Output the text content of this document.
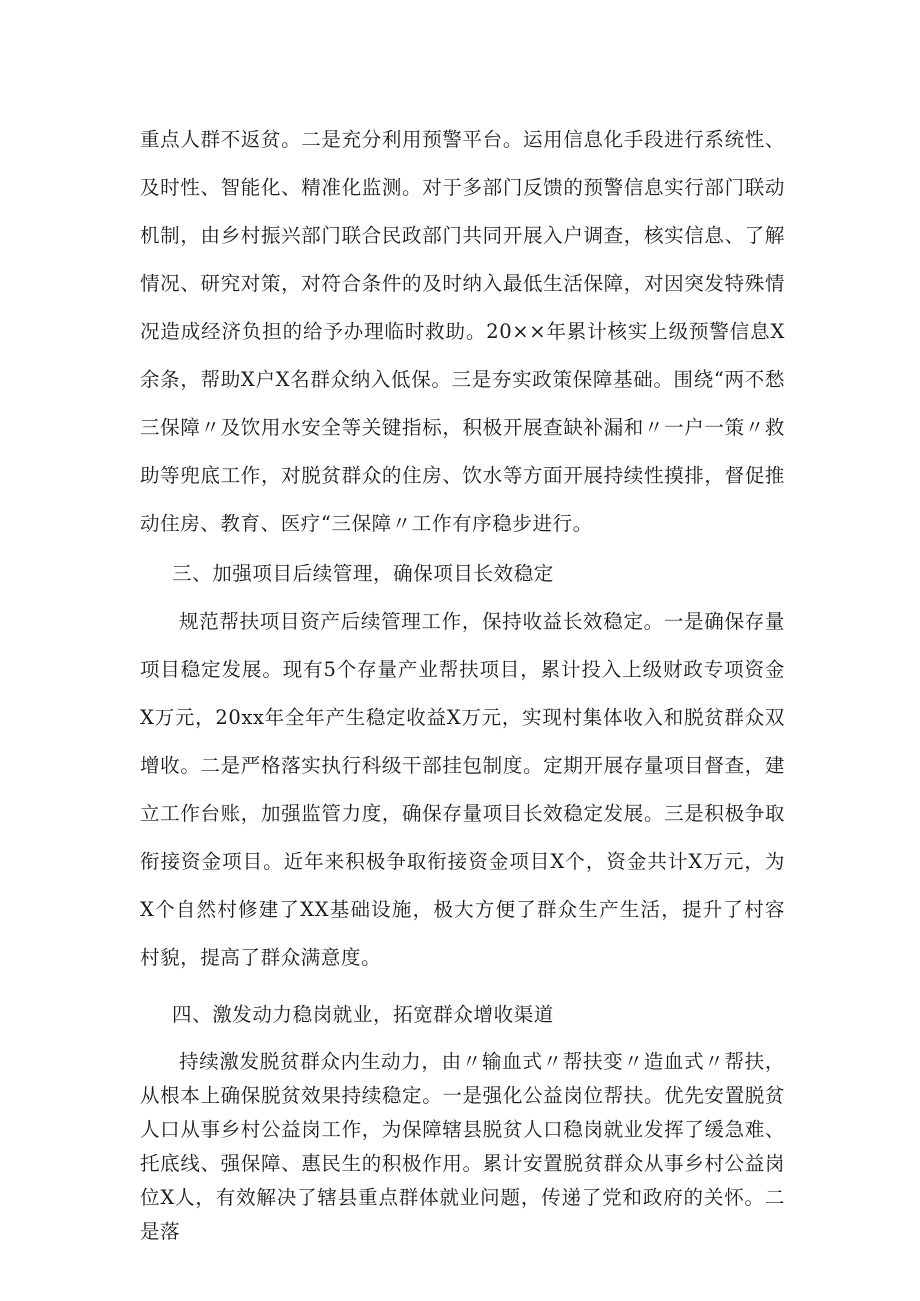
重点人群不返贫。二是充分利用预警平台。运用信息化手段进行系统性、及时性、智能化、精准化监测。对于多部门反馈的预警信息实行部门联动机制，由乡村振兴部门联合民政部门共同开展入户调查，核实信息、了解情况、研究对策，对符合条件的及时纳入最低生活保障，对因突发特殊情况造成经济负担的给予办理临时救助。20××年累计核实上级预警信息X余条，帮助X户X名群众纳入低保。三是夯实政策保障基础。围绕“两不愁三保障〃及饮用水安全等关键指标，积极开展查缺补漏和〃一户一策〃救助等兜底工作，对脱贫群众的住房、饮水等方面开展持续性摸排，督促推动住房、教育、医疗“三保障〃工作有序稳步进行。

三、加强项目后续管理，确保项目长效稳定

规范帮扶项目资产后续管理工作，保持收益长效稳定。一是确保存量项目稳定发展。现有5个存量产业帮扶项目，累计投入上级财政专项资金X万元，20xx年全年产生稳定收益X万元，实现村集体收入和脱贫群众双增收。二是严格落实执行科级干部挂包制度。定期开展存量项目督查，建立工作台账，加强监管力度，确保存量项目长效稳定发展。三是积极争取衔接资金项目。近年来积极争取衔接资金项目X个，资金共计X万元，为X个自然村修建了XX基础设施，极大方便了群众生产生活，提升了村容村貌，提高了群众满意度。

四、激发动力稳岗就业，拓宽群众增收渠道

持续激发脱贫群众内生动力，由〃输血式〃帮扶变〃造血式〃帮扶，从根本上确保脱贫效果持续稳定。一是强化公益岗位帮扶。优先安置脱贫人口从事乡村公益岗工作，为保障辖县脱贫人口稳岗就业发挥了缓急难、托底线、强保障、惠民生的积极作用。累计安置脱贫群众从事乡村公益岗位X人，有效解决了辖县重点群体就业问题，传递了党和政府的关怀。二是落
